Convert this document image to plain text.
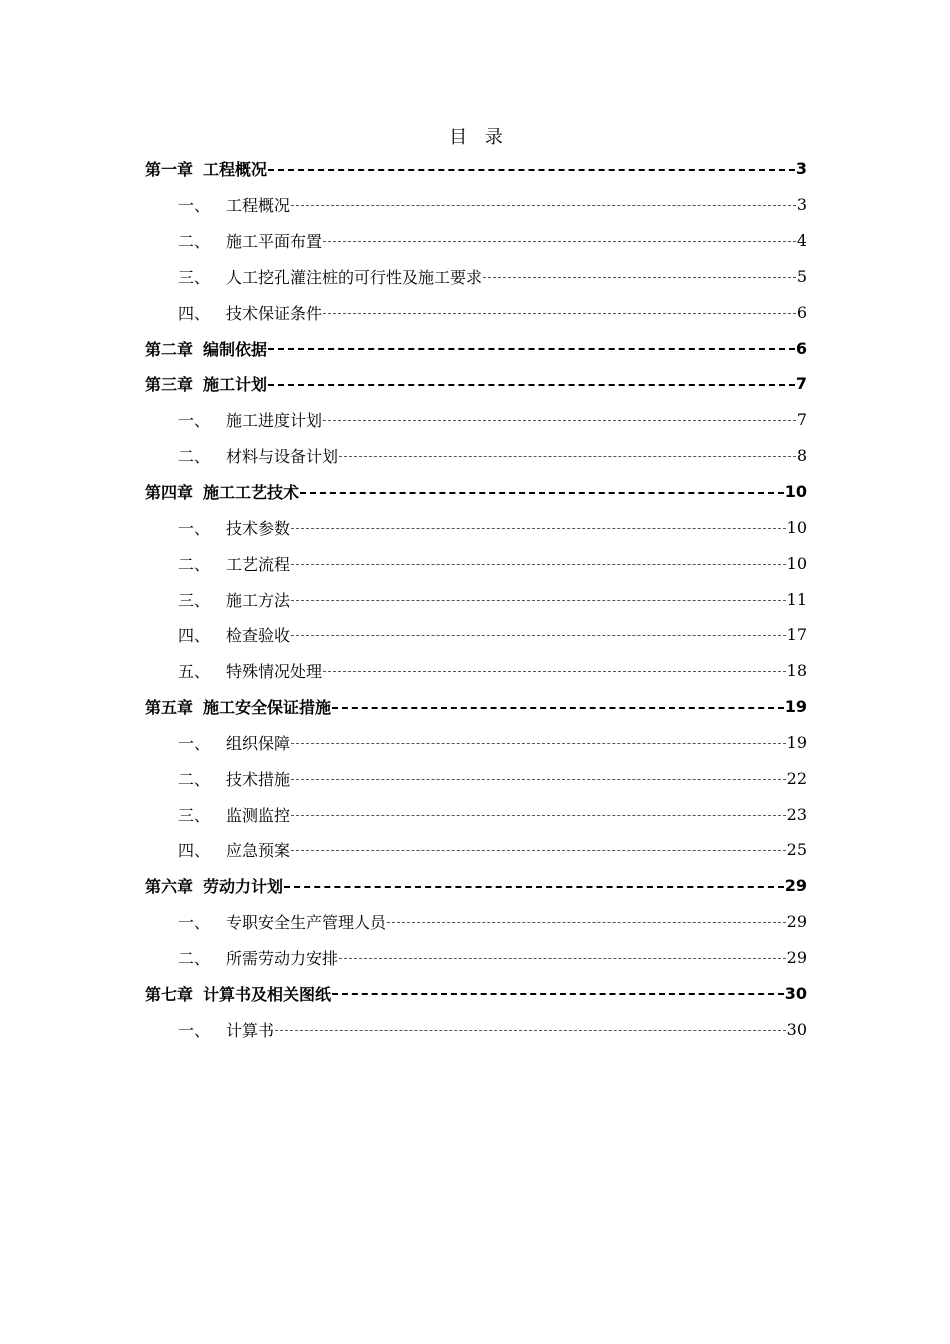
目 录
第一章 工程概况	3
一、 工程概况	3
二、 施工平面布置	4
三、 人工挖孔灌注桩的可行性及施工要求	5
四、 技术保证条件	6
第二章 编制依据	6
第三章 施工计划	7
一、 施工进度计划	7
二、 材料与设备计划	8
第四章 施工工艺技术	10
一、 技术参数	10
二、 工艺流程	10
三、 施工方法	11
四、 检查验收	17
五、 特殊情况处理	18
第五章 施工安全保证措施	19
一、 组织保障	19
二、 技术措施	22
三、 监测监控	23
四、 应急预案	25
第六章 劳动力计划	29
一、 专职安全生产管理人员	29
二、 所需劳动力安排	29
第七章 计算书及相关图纸	30
一、 计算书	30
